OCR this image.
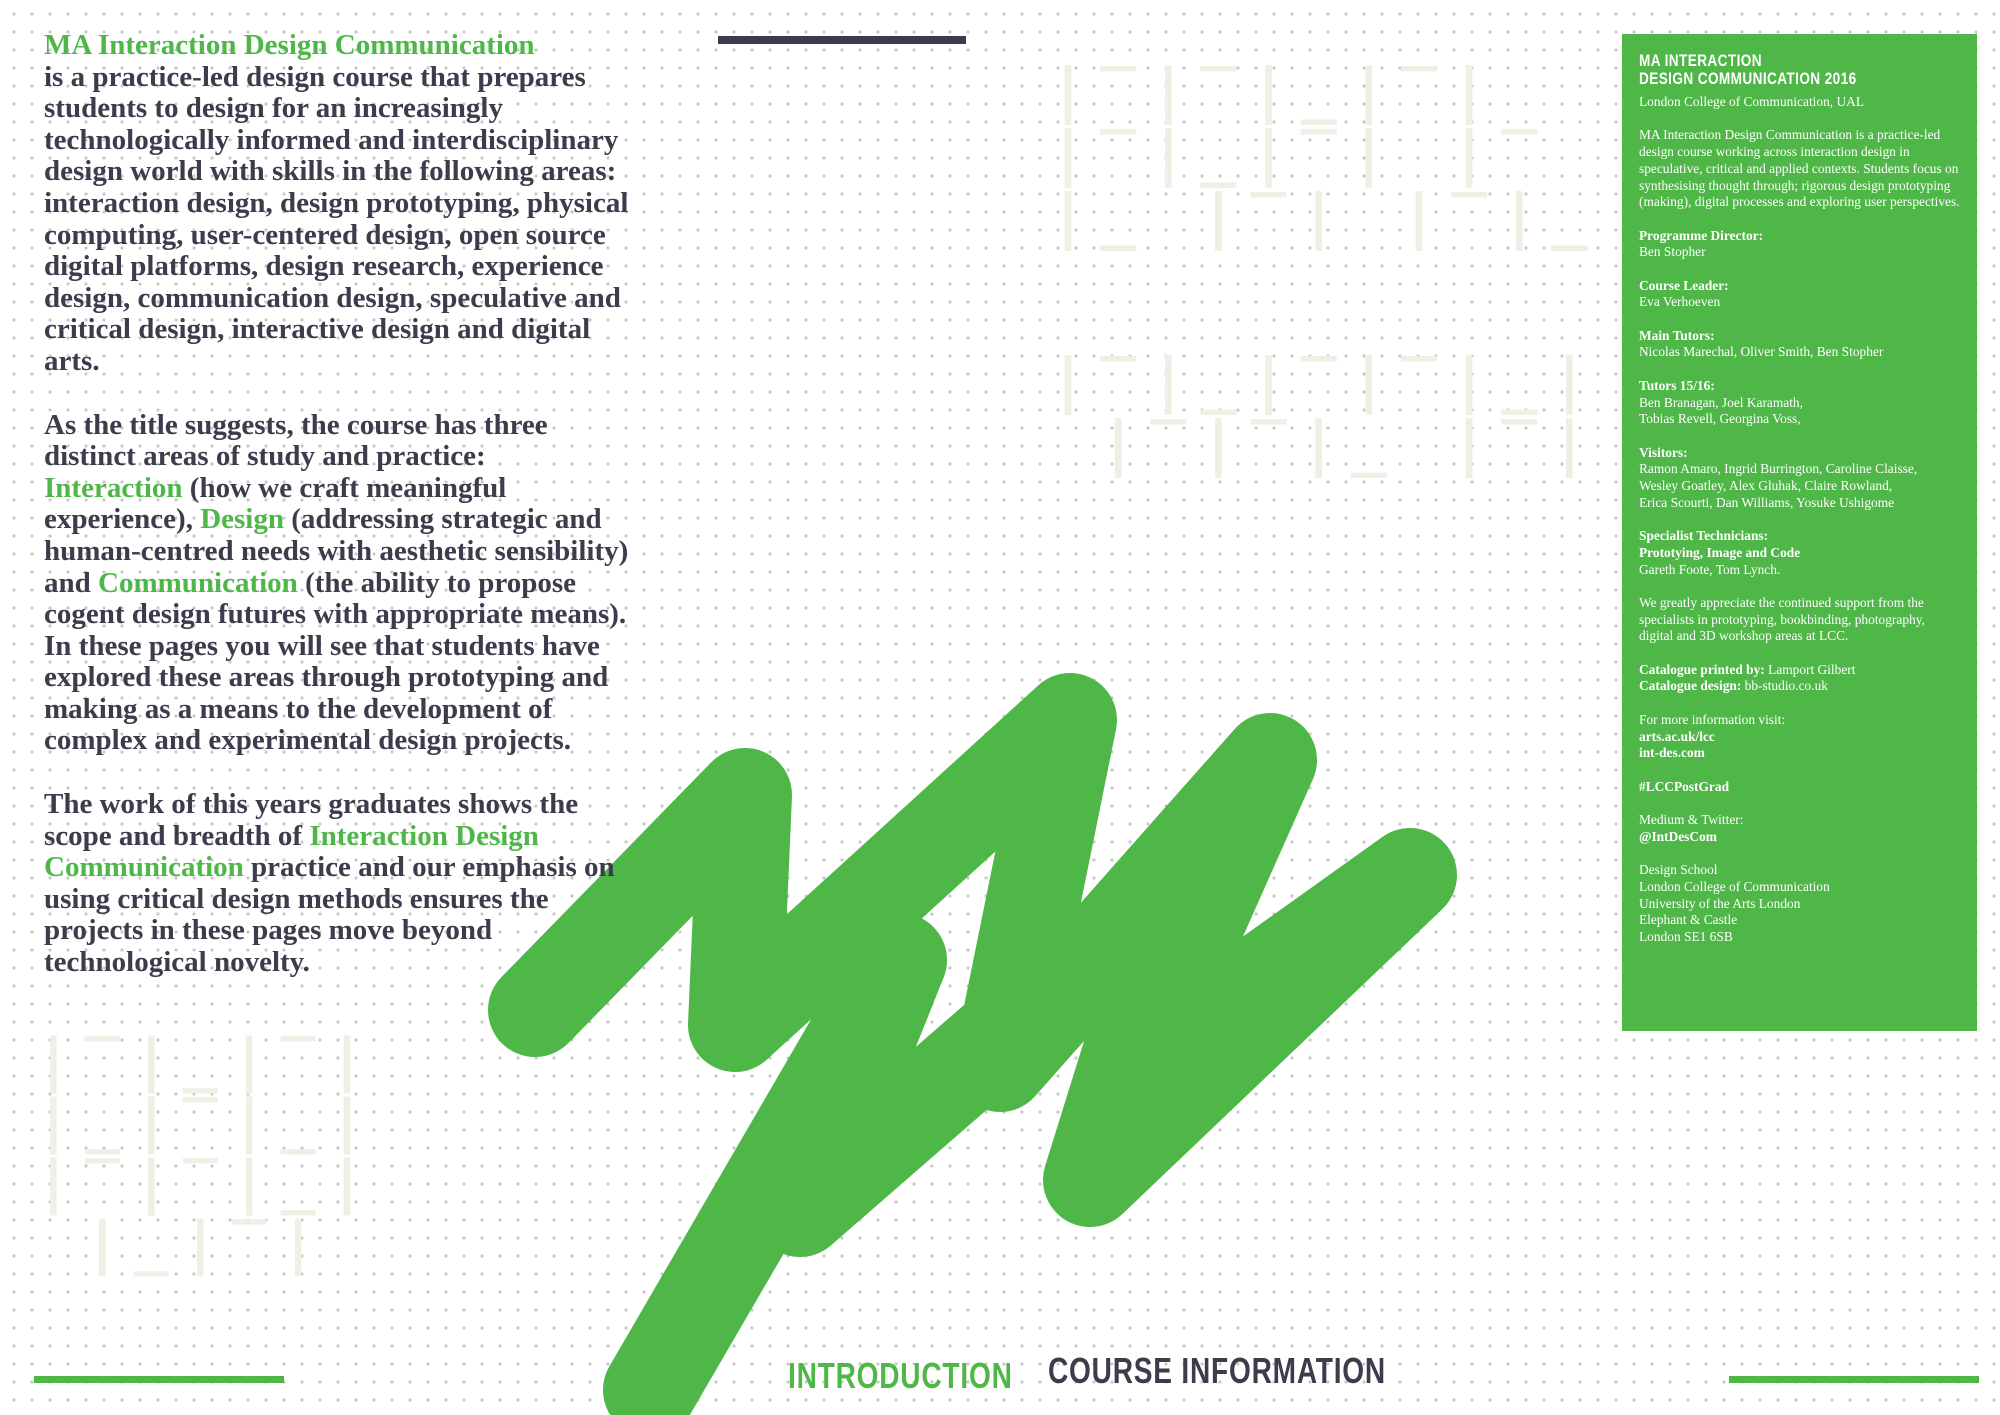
|‾|‾|_|‾|
|‾|_|‾| |‾
|_ |‾| |‾|_
|‾|_|‾|‾|_|
|‾|‾|_ |‾|
|‾|_|‾|
|_|‾|_|
|‾|‾|_|
|_|‾|

MA Interaction Design Communication
is a practice-led design course that prepares students to design for an increasingly technologically informed and interdisciplinary design world with skills in the following areas: interaction design, design prototyping, physical computing, user-centered design, open source digital platforms, design research, experience design, communication design, speculative and critical design, interactive design and digital arts.

As the title suggests, the course has three distinct areas of study and practice: Interaction (how we craft meaningful experience), Design (addressing strategic and human-centred needs with aesthetic sensibility) and Communication (the ability to propose cogent design futures with appropriate means). In these pages you will see that students have explored these areas through prototyping and making as a means to the development of complex and experimental design projects.

The work of this years graduates shows the scope and breadth of Interaction Design Communication practice and our emphasis on using critical design methods ensures the projects in these pages move beyond technological novelty.

MA INTERACTION
DESIGN COMMUNICATION 2016
London College of Communication, UAL
MA Interaction Design Communication is a practice-led design course working across interaction design in speculative, critical and applied contexts. Students focus on synthesising thought through; rigorous design prototyping (making), digital processes and exploring user perspectives.
Programme Director:
Ben Stopher
Course Leader:
Eva Verhoeven
Main Tutors:
Nicolas Marechal, Oliver Smith, Ben Stopher
Tutors 15/16:
Ben Branagan, Joel Karamath,
Tobias Revell, Georgina Voss,
Visitors:
Ramon Amaro, Ingrid Burrington, Caroline Claisse,
Wesley Goatley, Alex Gluhak, Claire Rowland,
Erica Scourti, Dan Williams, Yosuke Ushigome
Specialist Technicians:
Prototying, Image and Code
Gareth Foote, Tom Lynch.
We greatly appreciate the continued support from the specialists in prototyping, bookbinding, photography, digital and 3D workshop areas at LCC.
Catalogue printed by: Lamport Gilbert
Catalogue design: bb-studio.co.uk
For more information visit:
arts.ac.uk/lcc
int-des.com
#LCCPostGrad
Medium & Twitter:
@IntDesCom
Design School
London College of Communication
University of the Arts London
Elephant & Castle
London SE1 6SB
INTRODUCTION COURSE INFORMATION
